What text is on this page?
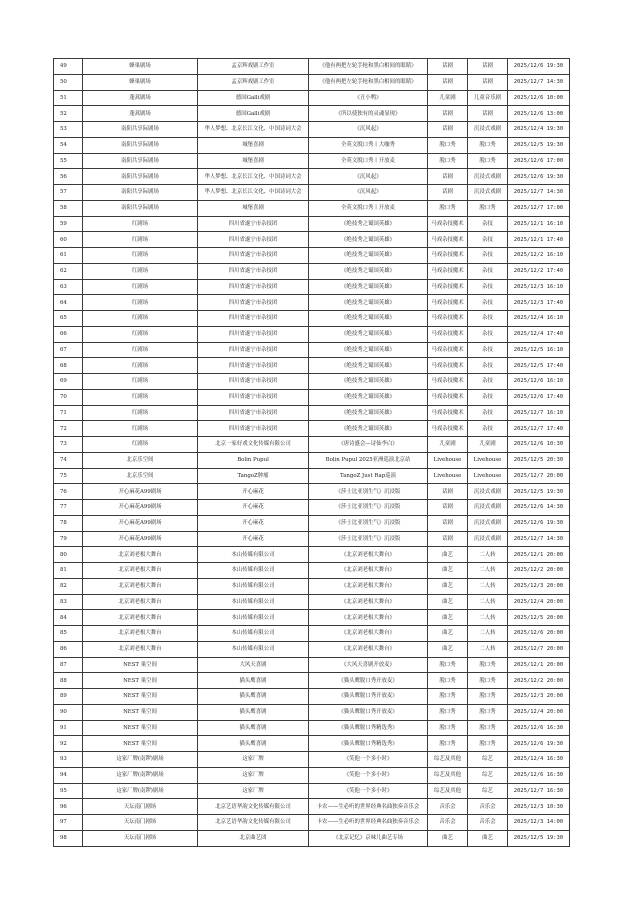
49	蜂巢剧场	孟京辉戏剧工作室	《他有两把左轮手枪和黑白相间的眼睛》	话剧	话剧	2025/12/6 19:30
50	蜂巢剧场	孟京辉戏剧工作室	《他有两把左轮手枪和黑白相间的眼睛》	话剧	话剧	2025/12/7 14:30
51	蓬蒿剧场	德国Galli戏剧	《丑小鸭》	儿童剧	儿童音乐剧	2025/12/6 10:00
52	蓬蒿剧场	德国Galli戏剧	《所以使独有的灵魂显现》	话剧	话剧	2025/12/6 13:00
53	南阳共享际剧场	华人梦想、北京长江文化、中国诗词大会	《沉风起》	话剧	沉浸式戏剧	2025/12/4 19:30
54	南阳共享际剧场	城堡喜剧	全英文脱口秀丨大咖秀	脱口秀	脱口秀	2025/12/5 19:30
55	南阳共享际剧场	城堡喜剧	全英文脱口秀丨开放麦	脱口秀	脱口秀	2025/12/6 17:00
56	南阳共享际剧场	华人梦想、北京长江文化、中国诗词大会	《沉风起》	话剧	沉浸式戏剧	2025/12/6 19:30
57	南阳共享际剧场	华人梦想、北京长江文化、中国诗词大会	《沉风起》	话剧	沉浸式戏剧	2025/12/7 14:30
58	南阳共享际剧场	城堡喜剧	全英文脱口秀丨开放麦	脱口秀	脱口秀	2025/12/7 17:00
59	红剧场	四川省遂宁市杂技团	《绝技秀之蜀国英雄》	马戏杂技魔术	杂技	2025/12/1 16:10
60	红剧场	四川省遂宁市杂技团	《绝技秀之蜀国英雄》	马戏杂技魔术	杂技	2025/12/1 17:40
61	红剧场	四川省遂宁市杂技团	《绝技秀之蜀国英雄》	马戏杂技魔术	杂技	2025/12/2 16:10
62	红剧场	四川省遂宁市杂技团	《绝技秀之蜀国英雄》	马戏杂技魔术	杂技	2025/12/2 17:40
63	红剧场	四川省遂宁市杂技团	《绝技秀之蜀国英雄》	马戏杂技魔术	杂技	2025/12/3 16:10
64	红剧场	四川省遂宁市杂技团	《绝技秀之蜀国英雄》	马戏杂技魔术	杂技	2025/12/3 17:40
65	红剧场	四川省遂宁市杂技团	《绝技秀之蜀国英雄》	马戏杂技魔术	杂技	2025/12/4 16:10
66	红剧场	四川省遂宁市杂技团	《绝技秀之蜀国英雄》	马戏杂技魔术	杂技	2025/12/4 17:40
67	红剧场	四川省遂宁市杂技团	《绝技秀之蜀国英雄》	马戏杂技魔术	杂技	2025/12/5 16:10
68	红剧场	四川省遂宁市杂技团	《绝技秀之蜀国英雄》	马戏杂技魔术	杂技	2025/12/5 17:40
69	红剧场	四川省遂宁市杂技团	《绝技秀之蜀国英雄》	马戏杂技魔术	杂技	2025/12/6 16:10
70	红剧场	四川省遂宁市杂技团	《绝技秀之蜀国英雄》	马戏杂技魔术	杂技	2025/12/6 17:40
71	红剧场	四川省遂宁市杂技团	《绝技秀之蜀国英雄》	马戏杂技魔术	杂技	2025/12/7 16:10
72	红剧场	四川省遂宁市杂技团	《绝技秀之蜀国英雄》	马戏杂技魔术	杂技	2025/12/7 17:40
73	红剧场	北京一家好戏文化传媒有限公司	《唐诗盛会—诗仙李白》	儿童剧	儿童剧	2025/12/6 10:30
74	北京乐空间	Bolin Pupul	Bolin Pupul 2025亚洲巡演北京站	Livehouse	Livehouse	2025/12/5 20:30
75	北京乐空间	TangoZ肿瘤	TangoZ Just Rap巡演	Livehouse	Livehouse	2025/12/7 20:00
76	开心麻花A99剧场	开心麻花	《莎士比亚别生气》沉浸版	话剧	沉浸式戏剧	2025/12/5 19:30
77	开心麻花A99剧场	开心麻花	《莎士比亚别生气》沉浸版	话剧	沉浸式戏剧	2025/12/6 14:30
78	开心麻花A99剧场	开心麻花	《莎士比亚别生气》沉浸版	话剧	沉浸式戏剧	2025/12/6 19:30
79	开心麻花A99剧场	开心麻花	《莎士比亚别生气》沉浸版	话剧	沉浸式戏剧	2025/12/7 14:30
80	北京刘老根大舞台	本山传媒有限公司	《北京刘老根大舞台》	曲艺	二人转	2025/12/1 20:00
81	北京刘老根大舞台	本山传媒有限公司	《北京刘老根大舞台》	曲艺	二人转	2025/12/2 20:00
82	北京刘老根大舞台	本山传媒有限公司	《北京刘老根大舞台》	曲艺	二人转	2025/12/3 20:00
83	北京刘老根大舞台	本山传媒有限公司	《北京刘老根大舞台》	曲艺	二人转	2025/12/4 20:00
84	北京刘老根大舞台	本山传媒有限公司	《北京刘老根大舞台》	曲艺	二人转	2025/12/5 20:00
85	北京刘老根大舞台	本山传媒有限公司	《北京刘老根大舞台》	曲艺	二人转	2025/12/6 20:00
86	北京刘老根大舞台	本山传媒有限公司	《北京刘老根大舞台》	曲艺	二人转	2025/12/7 20:00
87	NEST 巢空间	大风天喜剧	《大风天喜剧开放麦》	脱口秀	脱口秀	2025/12/1 20:00
88	NEST 巢空间	猫头鹰喜剧	《猫头鹰脱口秀开放麦》	脱口秀	脱口秀	2025/12/2 20:00
89	NEST 巢空间	猫头鹰喜剧	《猫头鹰脱口秀开放麦》	脱口秀	脱口秀	2025/12/3 20:00
90	NEST 巢空间	猫头鹰喜剧	《猫头鹰脱口秀开放麦》	脱口秀	脱口秀	2025/12/4 20:00
91	NEST 巢空间	猫头鹰喜剧	《猫头鹰脱口秀精选秀》	脱口秀	脱口秀	2025/12/6 16:30
92	NEST 巢空间	猫头鹰喜剧	《猫头鹰脱口秀精选秀》	脱口秀	脱口秀	2025/12/6 19:30
93	这家厂牌(南锣)剧场	这家厂牌	《笑他一个多小时》	综艺及其他	综艺	2025/12/4 16:30
94	这家厂牌(南锣)剧场	这家厂牌	《笑他一个多小时》	综艺及其他	综艺	2025/12/6 16:30
95	这家厂牌(南锣)剧场	这家厂牌	《笑他一个多小时》	综艺及其他	综艺	2025/12/7 16:30
96	天坛南门剧场	北京艺语华韵文化传媒有限公司	卡农——生必听的世界经典名曲独奏音乐会	音乐会	音乐会	2025/12/3 10:30
97	天坛南门剧场	北京艺语华韵文化传媒有限公司	卡农——生必听的世界经典名曲独奏音乐会	音乐会	音乐会	2025/12/3 14:00
98	天坛南门剧场	北京曲艺团	《北京记忆》京味儿曲艺专场	曲艺	曲艺	2025/12/5 19:30
